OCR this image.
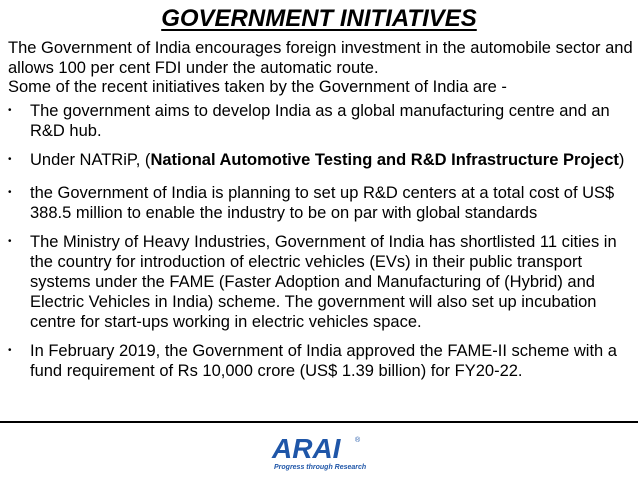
GOVERNMENT INITIATIVES
The Government of India encourages foreign investment in the automobile sector and allows 100 per cent FDI under the automatic route.
Some of the recent initiatives taken by the Government of India are -
• The government aims to develop India as a global manufacturing centre and an R&D hub.
• Under NATRiP, (National Automotive Testing and R&D Infrastructure Project)
• the Government of India is planning to set up R&D centers at a total cost of US$ 388.5 million to enable the industry to be on par with global standards
• The Ministry of Heavy Industries, Government of India has shortlisted 11 cities in the country for introduction of electric vehicles (EVs) in their public transport systems under the FAME (Faster Adoption and Manufacturing of (Hybrid) and Electric Vehicles in India) scheme. The government will also set up incubation centre for start-ups working in electric vehicles space.
• In February 2019, the Government of India approved the FAME-II scheme with a fund requirement of Rs 10,000 crore (US$ 1.39 billion) for FY20-22.
ARAI ®
Progress through Research
